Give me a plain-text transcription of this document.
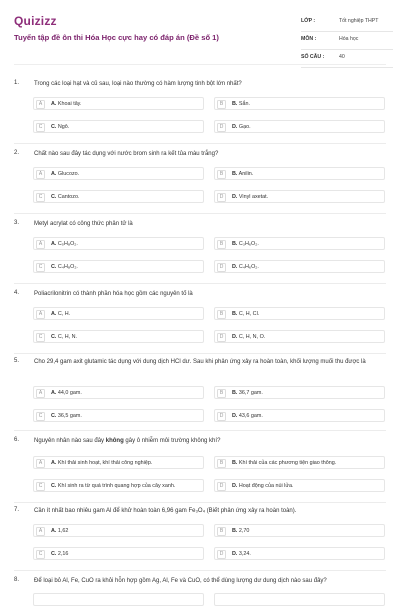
Quizizz
Tuyển tập đề ôn thi Hóa Học cực hay có đáp án (Đề số 1)
LỚP :	Tốt nghiệp THPT
MÔN :	Hóa học
SỐ CÂU :	40
1. Trong các loại hạt và củ sau, loại nào thường có hàm lượng tinh bột lớn nhất?
A	A. Khoai tây.	B	B. Sắn.
C	C. Ngô.	D	D. Gạo.
2. Chất nào sau đây tác dụng với nước brom sinh ra kết tủa màu trắng?
A	A. Glucozo.	B	B. Anilin.
C	C. Cantozo.	D	D. Vinyl axetat.
3. Metyl acrylat có công thức phân tử là
A	A. C₅H₈O₂.	B	B. C₃H₆O₂.
C	C. C₄H₈O₂.	D	D. C₄H₆O₂.
4. Poliacrilonitrin có thành phần hóa học gồm các nguyên tố là
A	A. C, H.	B	B. C, H, Cl.
C	C. C, H, N.	D	D. C, H, N, O.
5. Cho 29,4 gam axit glutamic tác dụng với dung dịch HCl dư. Sau khi phản ứng xảy ra hoàn toàn, khối lượng muối thu được là
A	A. 44,0 gam.	B	B. 36,7 gam.
C	C. 36,5 gam.	D	D. 43,6 gam.
6. Nguyên nhân nào sau đây không gây ô nhiễm môi trường không khí?
A	A. Khí thải sinh hoạt, khí thải công nghiệp.	B	B. Khí thải của các phương tiện giao thông.
C	C. Khí sinh ra từ quá trình quang hợp của cây xanh.	D	D. Hoạt động của núi lửa.
7. Cần ít nhất bao nhiêu gam Al để khử hoàn toàn 6,96 gam Fe₃O₄ (Biết phản ứng xảy ra hoàn toàn).
A	A. 1,62	B	B. 2,70
C	C. 2,16	D	D. 3,24.
8. Để loại bỏ Al, Fe, CuO ra khỏi hỗn hợp gồm Ag, Al, Fe và CuO, có thể dùng lượng dư dung dịch nào sau đây?
